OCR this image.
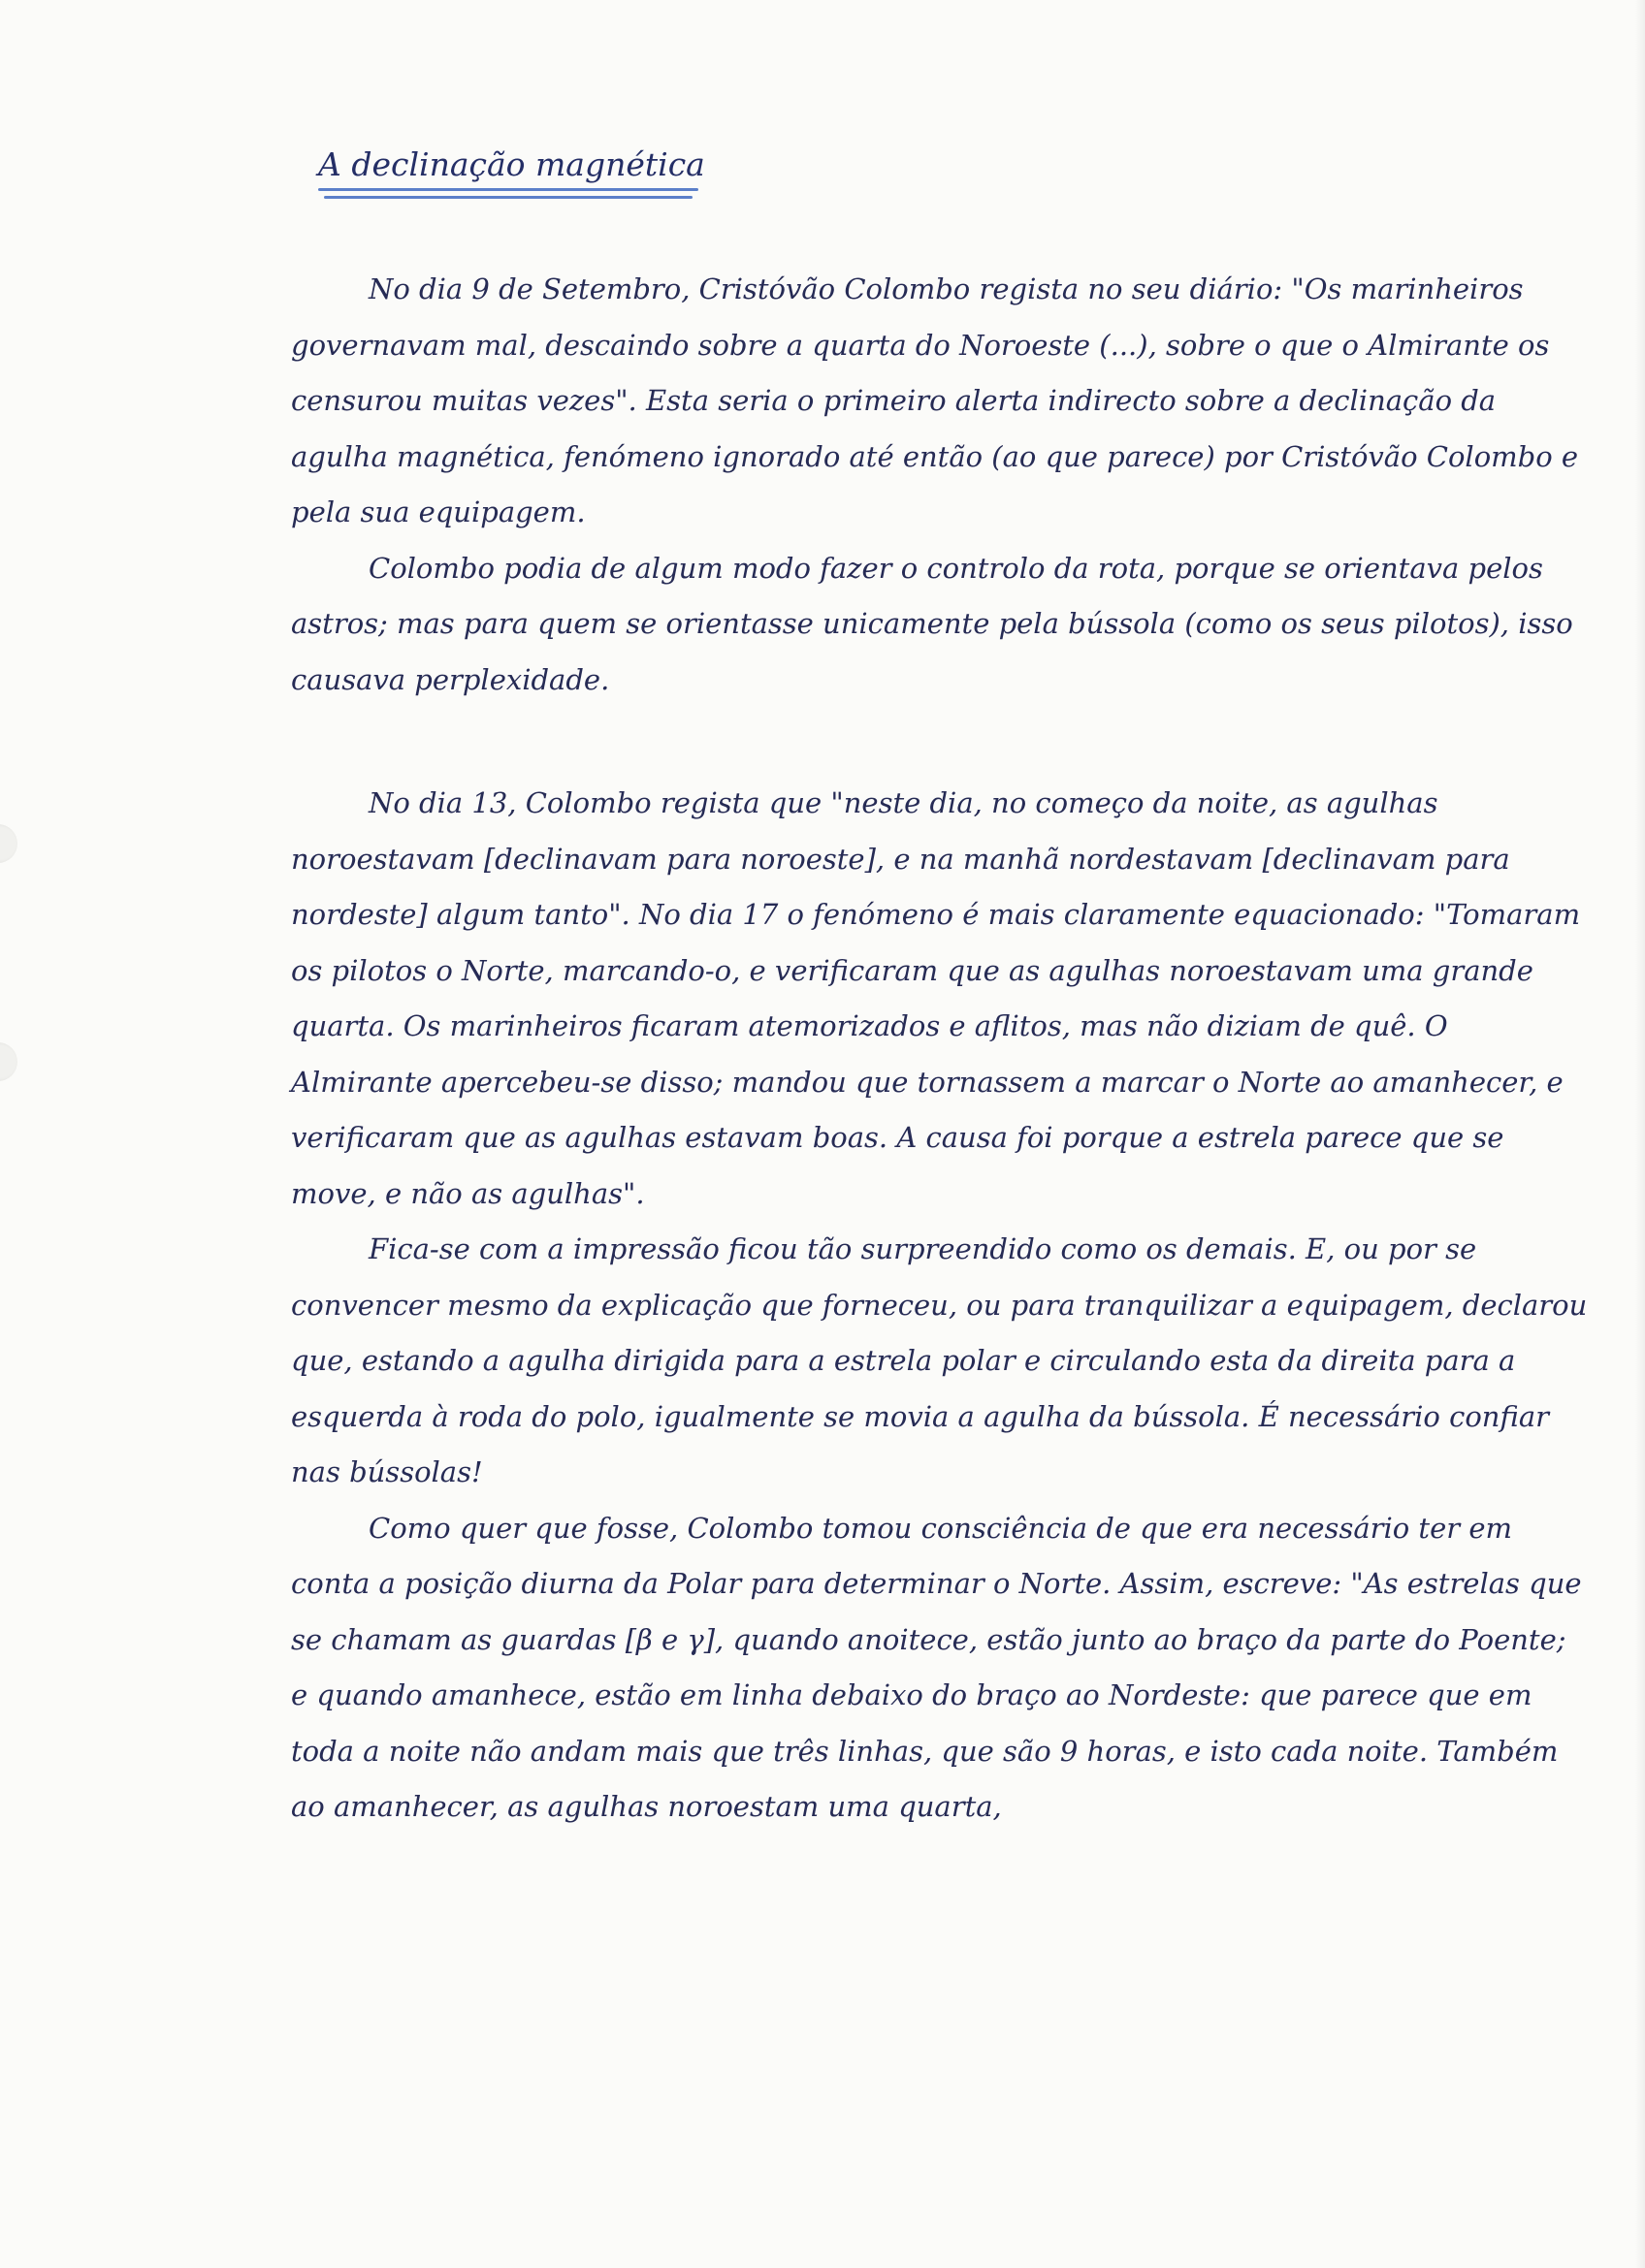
A declinação magnética

No dia 9 de Setembro, Cristóvão Colombo regista no seu diário: "Os marinheiros governavam mal, descaindo sobre a quarta do Noroeste (...), sobre o que o Almirante os censurou muitas vezes". Esta seria o primeiro alerta indirecto sobre a declinação da agulha magnética, fenómeno ignorado até então (ao que parece) por Cristóvão Colombo e pela sua equipagem.

Colombo podia de algum modo fazer o controlo da rota, porque se orientava pelos astros; mas para quem se orientasse unicamente pela bússola (como os seus pilotos), isso causava perplexidade.

No dia 13, Colombo regista que "neste dia, no começo da noite, as agulhas noroestavam [declinavam para noroeste], e na manhã nordestavam [declinavam para nordeste] algum tanto". No dia 17 o fenómeno é mais claramente equacionado: "Tomaram os pilotos o Norte, marcando-o, e verificaram que as agulhas noroestavam uma grande quarta. Os marinheiros ficaram atemorizados e aflitos, mas não diziam de quê. O Almirante apercebeu-se disso; mandou que tornassem a marcar o Norte ao amanhecer, e verificaram que as agulhas estavam boas. A causa foi porque a estrela parece que se move, e não as agulhas".

Fica-se com a impressão ficou tão surpreendido como os demais. E, ou por se convencer mesmo da explicação que forneceu, ou para tranquilizar a equipagem, declarou que, estando a agulha dirigida para a estrela polar e circulando esta da direita para a esquerda à roda do polo, igualmente se movia a agulha da bússola. É necessário confiar nas bússolas!

Como quer que fosse, Colombo tomou consciência de que era necessário ter em conta a posição diurna da Polar para determinar o Norte. Assim, escreve: "As estrelas que se chamam as guardas [β e γ], quando anoitece, estão junto ao braço da parte do Poente; e quando amanhece, estão em linha debaixo do braço ao Nordeste: que parece que em toda a noite não andam mais que três linhas, que são 9 horas, e isto cada noite. Também ao amanhecer, as agulhas noroestam uma quarta,
